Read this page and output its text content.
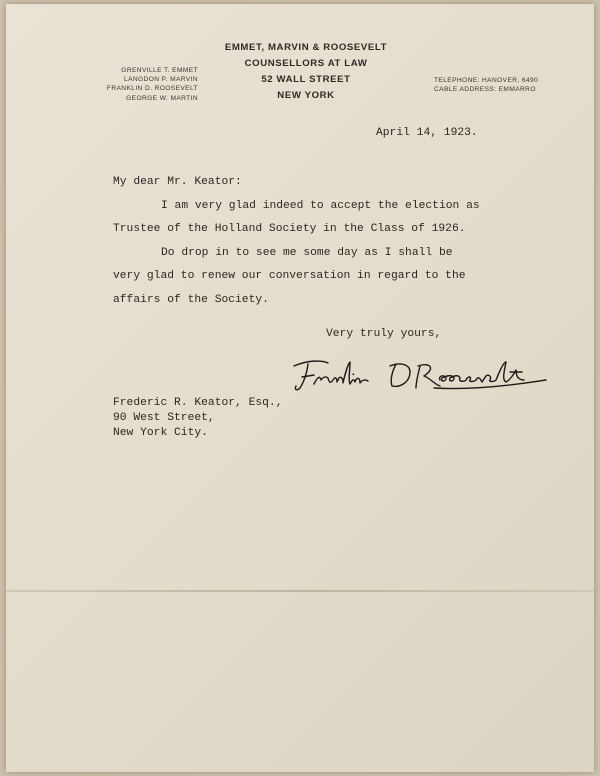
GRENVILLE T. EMMET
LANGDON P. MARVIN
FRANKLIN D. ROOSEVELT
GEORGE W. MARTIN
EMMET, MARVIN & ROOSEVELT
COUNSELLORS AT LAW
52 WALL STREET
NEW YORK
TELEPHONE: HANOVER, 6490
CABLE ADDRESS: EMMARRO
April 14, 1923.
My dear Mr. Keator:
I am very glad indeed to accept the election as
Trustee of the Holland Society in the Class of 1926.
Do drop in to see me some day as I shall be
very glad to renew our conversation in regard to the
affairs of the Society.
Very truly yours,
Frederic R. Keator, Esq.,
90 West Street,
New York City.
